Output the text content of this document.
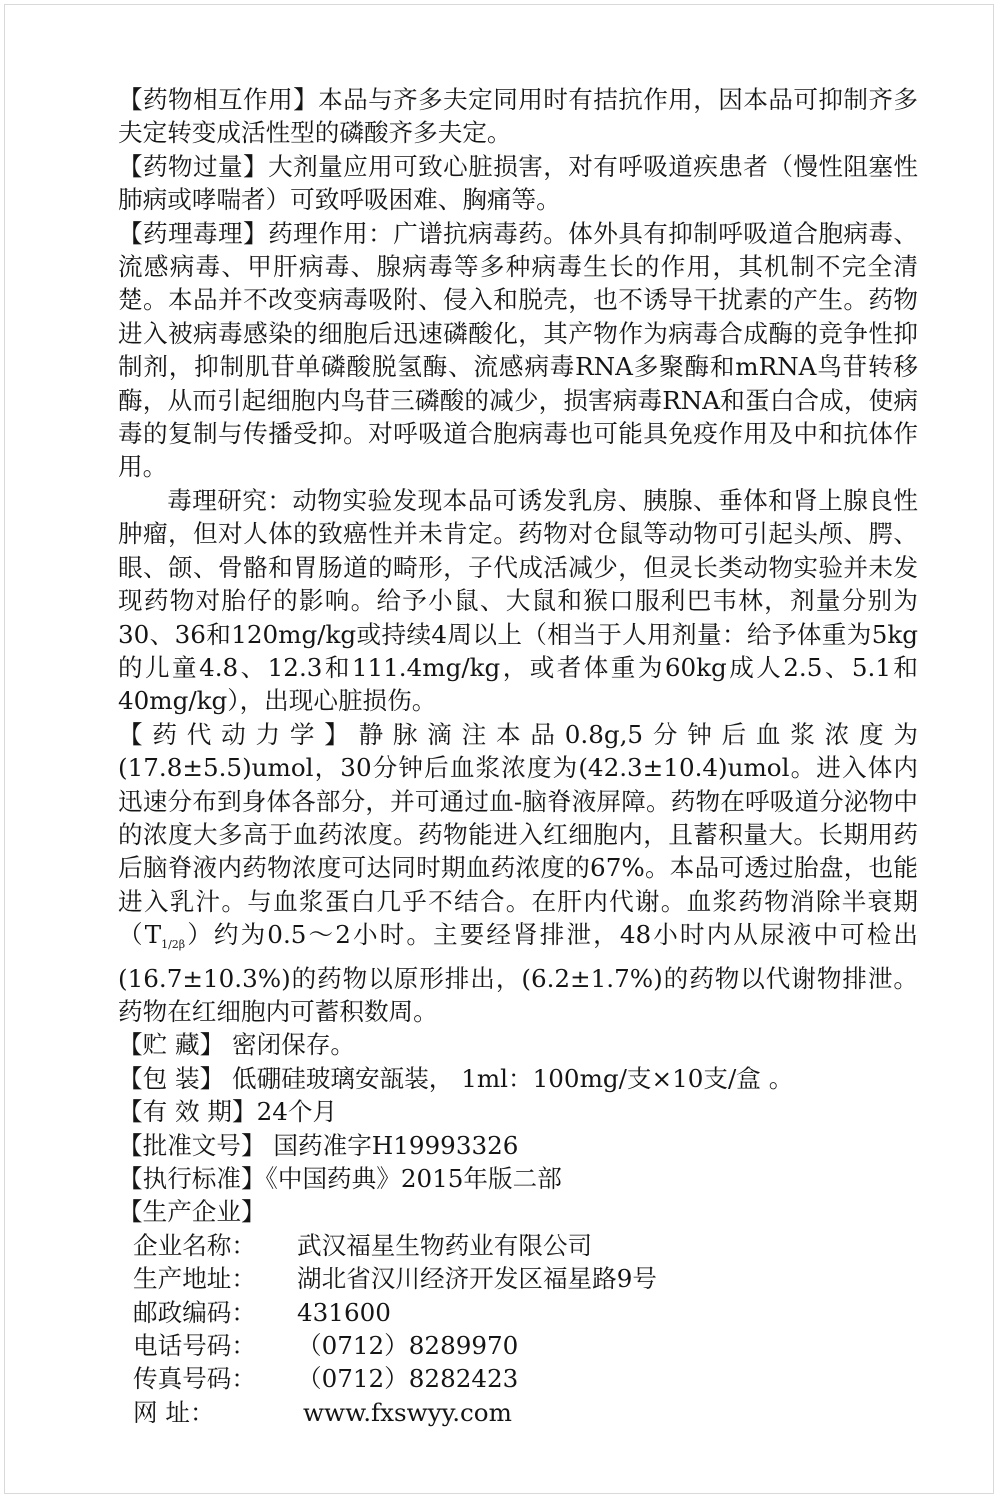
【药物相互作用】本品与齐多夫定同用时有拮抗作用，因本品可抑制齐多夫定转变成活性型的磷酸齐多夫定。

【药物过量】大剂量应用可致心脏损害，对有呼吸道疾患者（慢性阻塞性肺病或哮喘者）可致呼吸困难、胸痛等。

【药理毒理】药理作用：广谱抗病毒药。体外具有抑制呼吸道合胞病毒、流感病毒、甲肝病毒、腺病毒等多种病毒生长的作用，其机制不完全清楚。本品并不改变病毒吸附、侵入和脱壳，也不诱导干扰素的产生。药物进入被病毒感染的细胞后迅速磷酸化，其产物作为病毒合成酶的竞争性抑制剂，抑制肌苷单磷酸脱氢酶、流感病毒RNA多聚酶和mRNA鸟苷转移酶，从而引起细胞内鸟苷三磷酸的减少，损害病毒RNA和蛋白合成，使病毒的复制与传播受抑。对呼吸道合胞病毒也可能具免疫作用及中和抗体作用。

毒理研究：动物实验发现本品可诱发乳房、胰腺、垂体和肾上腺良性肿瘤，但对人体的致癌性并未肯定。药物对仓鼠等动物可引起头颅、腭、眼、颌、骨骼和胃肠道的畸形，子代成活减少，但灵长类动物实验并未发现药物对胎仔的影响。给予小鼠、大鼠和猴口服利巴韦林，剂量分别为30、36和120mg/kg或持续4周以上（相当于人用剂量：给予体重为5kg的儿童4.8、12.3和111.4mg/kg，或者体重为60kg成人2.5、5.1和40mg/kg），出现心脏损伤。

【药代动力学】静脉滴注本品0.8g,5分钟后血浆浓度为(17.8±5.5)umol，30分钟后血浆浓度为(42.3±10.4)umol。进入体内迅速分布到身体各部分，并可通过血-脑脊液屏障。药物在呼吸道分泌物中的浓度大多高于血药浓度。药物能进入红细胞内，且蓄积量大。长期用药后脑脊液内药物浓度可达同时期血药浓度的67%。本品可透过胎盘，也能进入乳汁。与血浆蛋白几乎不结合。在肝内代谢。血浆药物消除半衰期$(T_{1/2\beta})$约为0.5～2小时。主要经肾排泄，48小时内从尿液中可检出(16.7±10.3%)的药物以原形排出，(6.2±1.7%)的药物以代谢物排泄。药物在红细胞内可蓄积数周。

【贮 藏】 密闭保存。

【包 装】 低硼硅玻璃安瓿装， 1ml：100mg/支×10支/盒 。

【有 效 期】24个月

【批准文号】 国药准字H19993326

【执行标准】《中国药典》2015年版二部

【生产企业】

企业名称：	武汉福星生物药业有限公司
生产地址：	湖北省汉川经济开发区福星路9号
邮政编码：	431600
电话号码：	（0712）8289970
传真号码：	（0712）8282423
网 址：	www.fxswyy.com
